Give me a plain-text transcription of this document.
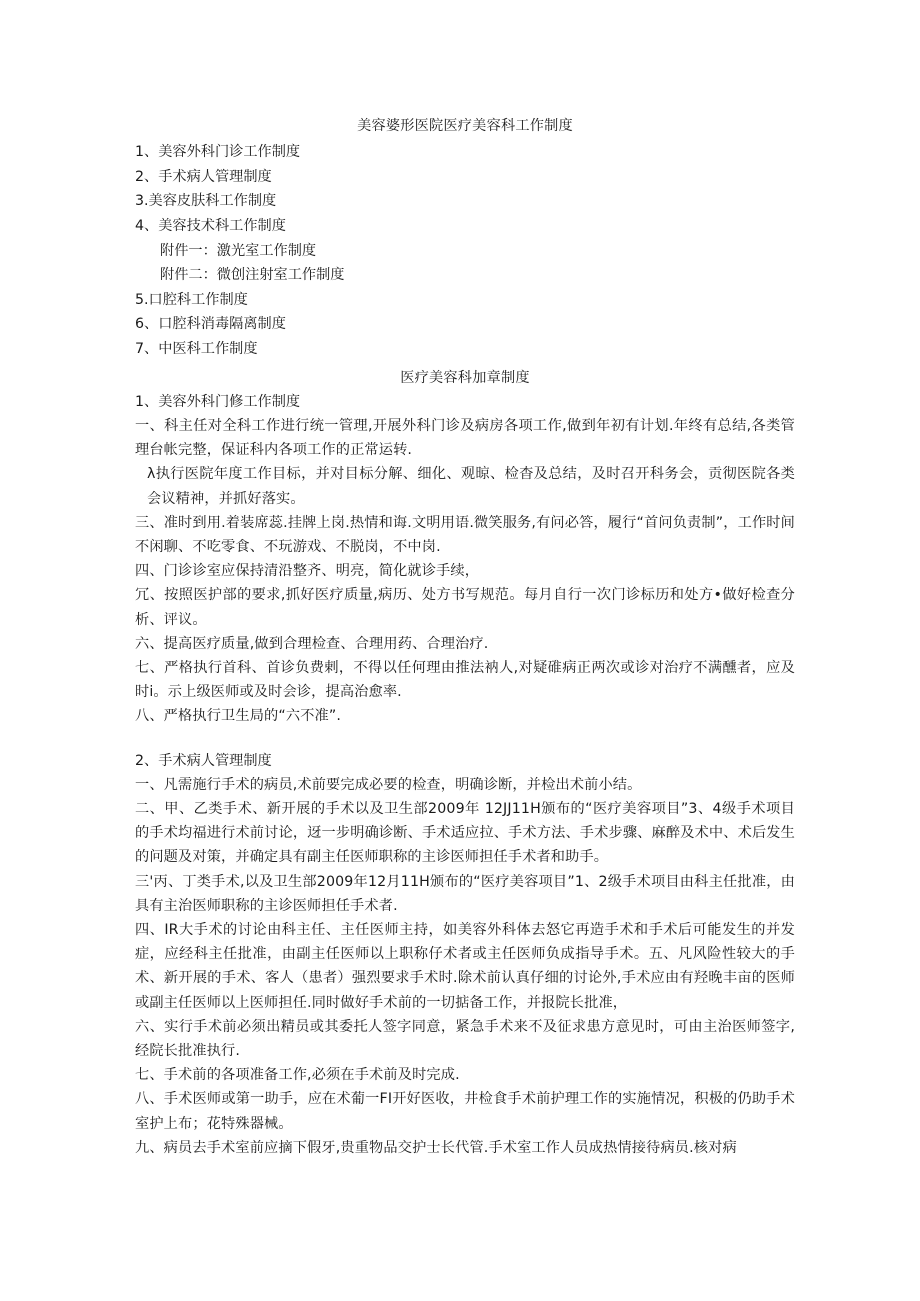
美容婆形医院医疗美容科工作制度

1、美容外科门诊工作制度

2、手术病人管理制度

3.美容皮肤科工作制度

4、美容技术科工作制度

附件一：激光室工作制度

附件二：微创注射室工作制度

5.口腔科工作制度

6、口腔科消毒隔离制度

7、中医科工作制度

医疗美容科加章制度

1、美容外科门修工作制度

一、科主任对全科工作进行统一管理,开展外科门诊及病房各项工作,做到年初有计划.年终有总结,各类管理台帐完整，保证科内各项工作的正常运转.

λ执行医院年度工作目标，并对目标分解、细化、观晾、检杳及总结，及时召开科务会，贡彻医院各类会议精神，并抓好落实。

三、准时到用.着装席蕊.挂牌上岗.热情和诲.文明用语.微笑服务,有问必答，履行“首问负责制”，工作时间不闲聊、不吃零食、不玩游戏、不脱岗，不中岗.

四、门诊诊室应保持清沿整齐、明亮，简化就诊手续，

冗、按照医护部的要求,抓好医疗质量,病历、处方书写规范。每月自行一次门诊标历和处方•做好检查分析、评议。

六、提高医疗质量,做到合理检查、合理用药、合理治疗.

七、严格执行首科、首诊负费剌，不得以任何理由推法衲人,对疑碓病正两次或诊对治疗不满醺者，应及时i。示上级医师或及时会诊，提高治愈率.

八、严格执行卫生局的“六不准”.

2、手术病人管理制度

一、凡需施行手术的病员,术前要完成必要的检查，明确诊断，并检出术前小结。

二、甲、乙类手术、新开展的手术以及卫生部2009年 12JJ11H颁布的“医疗美容项目”3、4级手术项目的手术均福进行术前讨论，迓一步明确诊断、手术适应拉、手术方法、手术步骤、麻醉及术中、术后发生的问题及对策，并确定具有副主任医师职称的主诊医师担任手术者和助手。

三'丙、丁类手术,以及卫生部2009年12月11H颁布的“医疗美容项目”1、2级手术项目由科主任批准，由具有主治医师职称的主诊医师担任手术者.

四、IR大手术的讨论由科主任、主任医师主持，如美容外科体去怒它再造手术和手术后可能发生的并发症，应经科主任批准，由副主任医师以上职称仔术者或主任医师负成指导手术。五、凡风险性较大的手术、新开展的手术、客人（患者）强烈要求手术时.除术前认真仔细的讨论外,手术应由有羟晚丰亩的医师或副主任医师以上医师担任.同时做好手术前的一切掂备工作，并报院长批准，

六、实行手术前必须出精员或其委托人签字同意，紧急手术来不及征求患方意见时，可由主治医师签字,经院长批准执行.

七、手术前的各项准备工作,必须在手术前及时完成.

八、手术医师或第一助手，应在术葡一FI开好医收，井检食手术前护理工作的实施情况，积极的仍助手术室护上布；花特殊器械。

九、病员去手术室前应摘下假牙,贵重物品交护士长代管.手术室工作人员成热情接待病员.核对病
